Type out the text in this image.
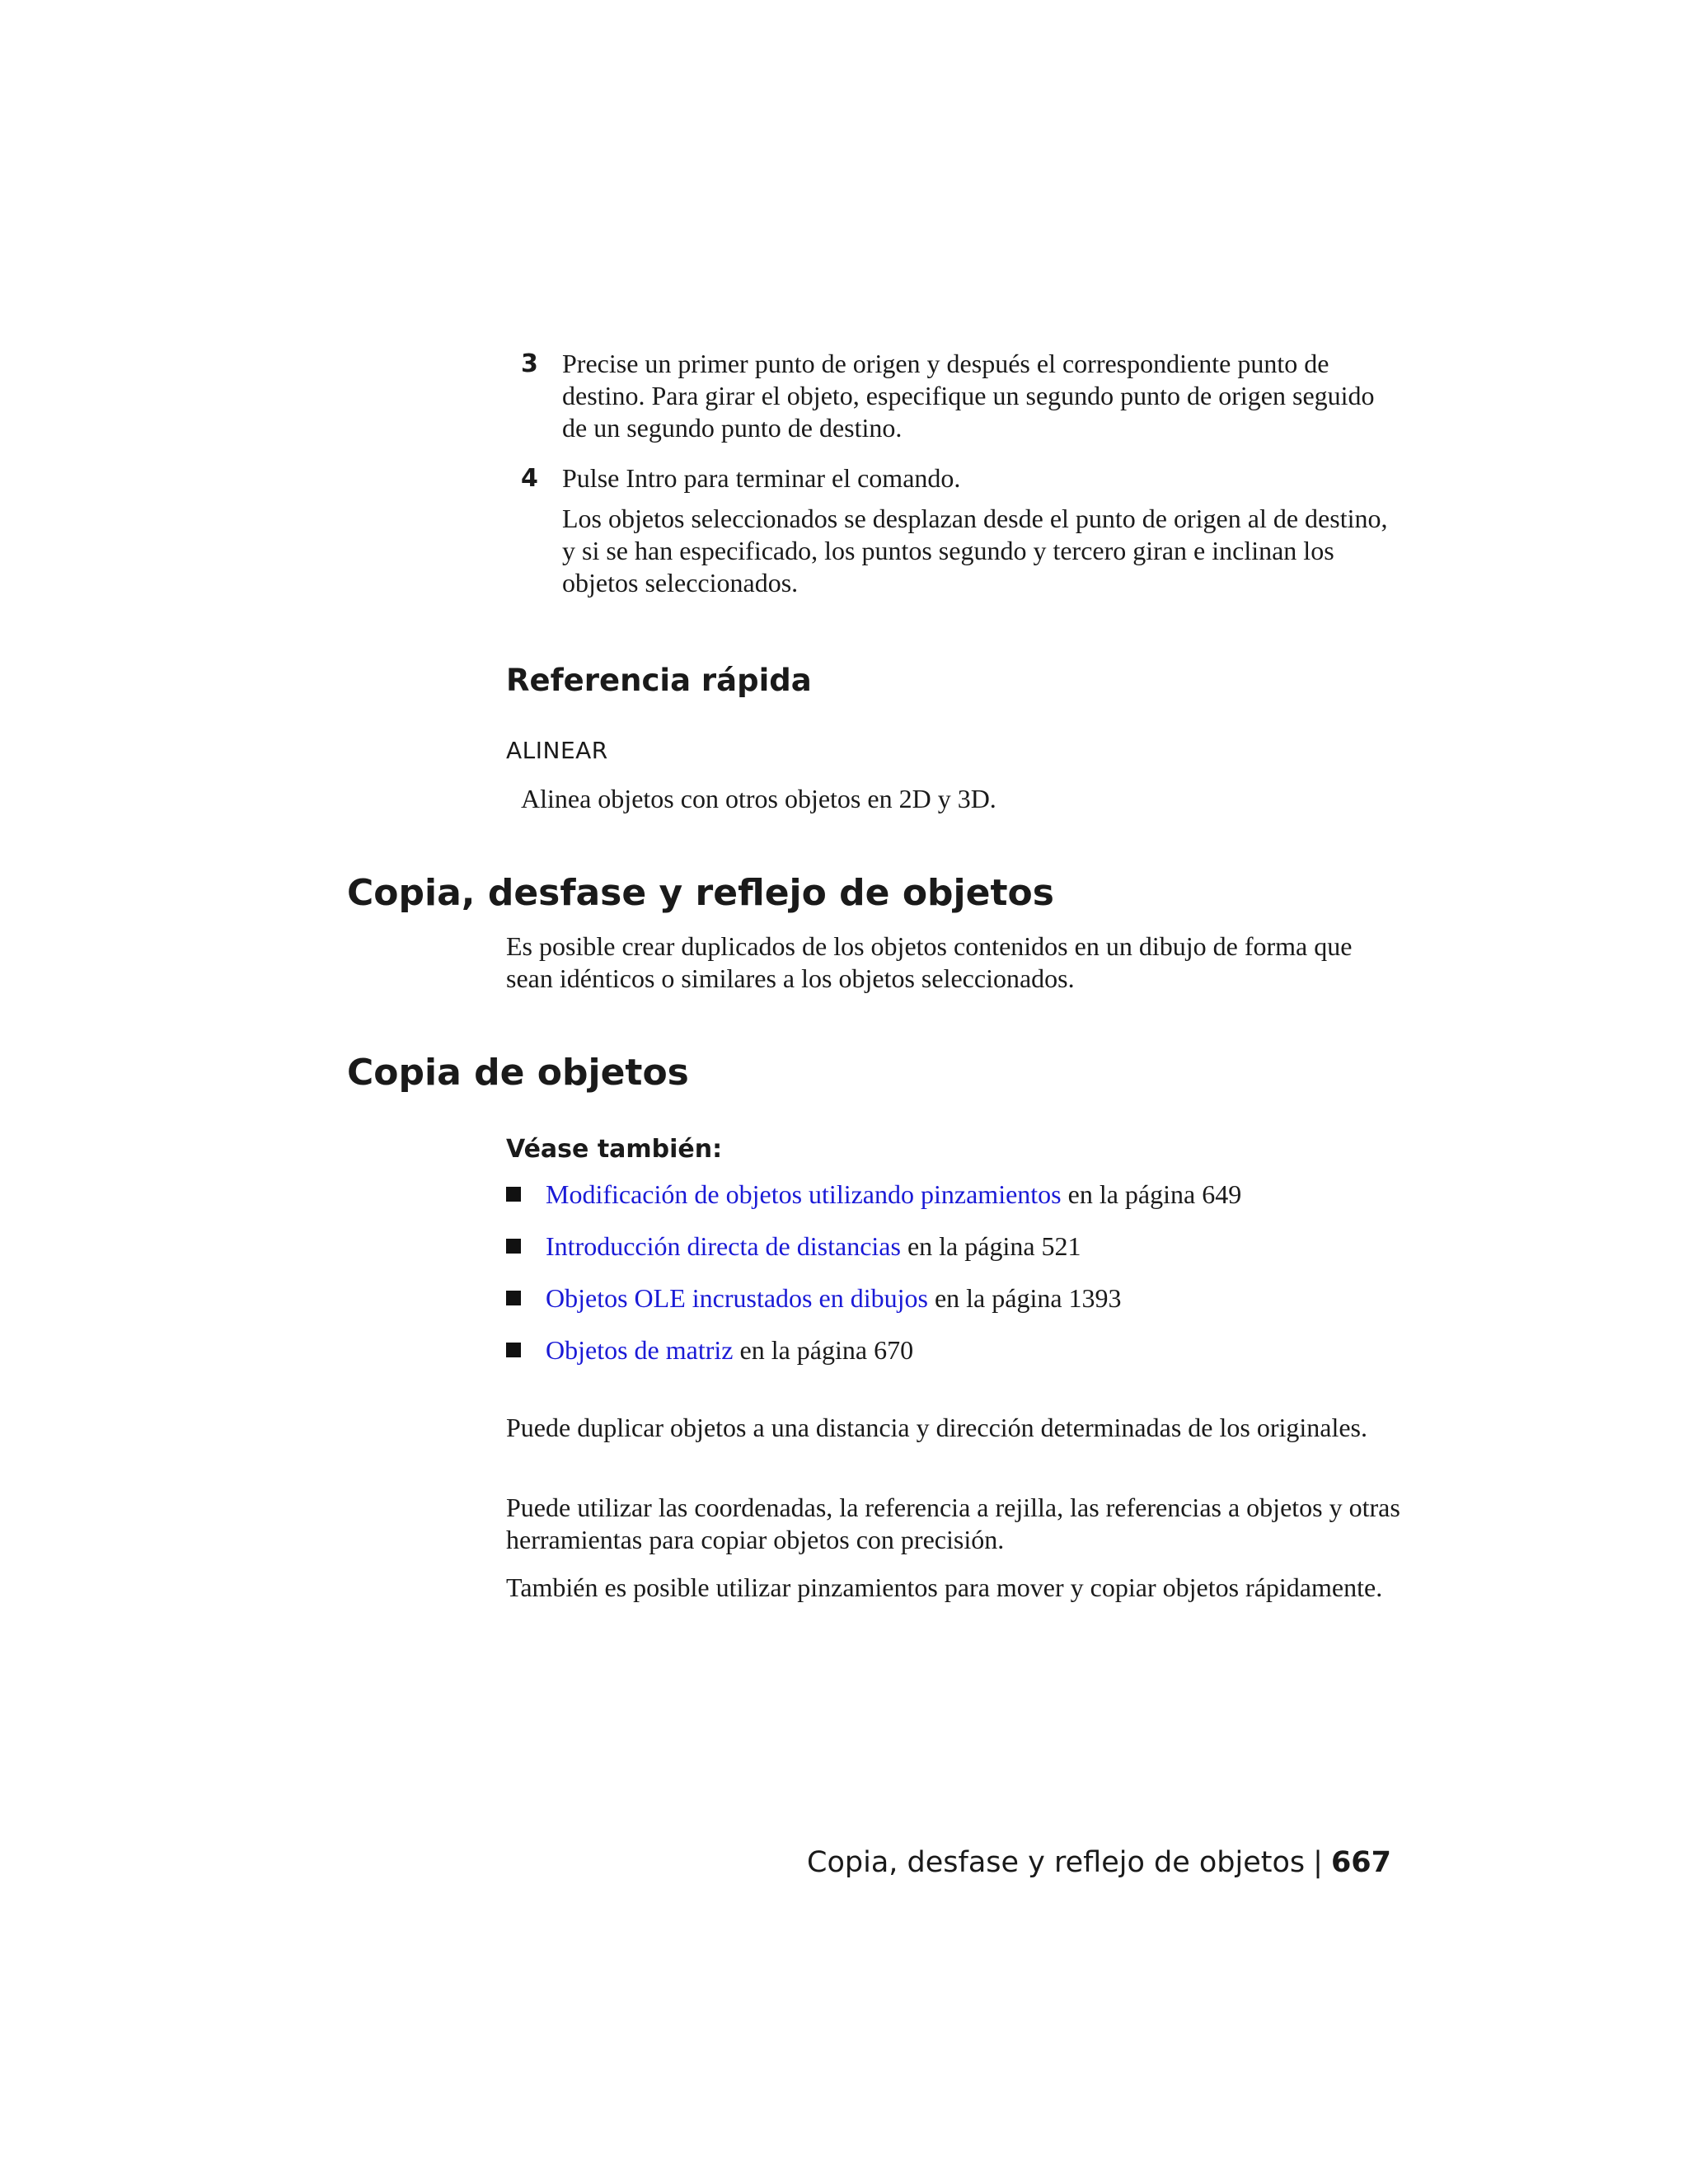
3 Precise un primer punto de origen y después el correspondiente punto de destino. Para girar el objeto, especifique un segundo punto de origen seguido de un segundo punto de destino.
4 Pulse Intro para terminar el comando.
Los objetos seleccionados se desplazan desde el punto de origen al de destino, y si se han especificado, los puntos segundo y tercero giran e inclinan los objetos seleccionados.
Referencia rápida
ALINEAR
Alinea objetos con otros objetos en 2D y 3D.
Copia, desfase y reflejo de objetos
Es posible crear duplicados de los objetos contenidos en un dibujo de forma que sean idénticos o similares a los objetos seleccionados.
Copia de objetos
Véase también:
Modificación de objetos utilizando pinzamientos en la página 649
Introducción directa de distancias en la página 521
Objetos OLE incrustados en dibujos en la página 1393
Objetos de matriz en la página 670
Puede duplicar objetos a una distancia y dirección determinadas de los originales.
Puede utilizar las coordenadas, la referencia a rejilla, las referencias a objetos y otras herramientas para copiar objetos con precisión.
También es posible utilizar pinzamientos para mover y copiar objetos rápidamente.
Copia, desfase y reflejo de objetos | 667
